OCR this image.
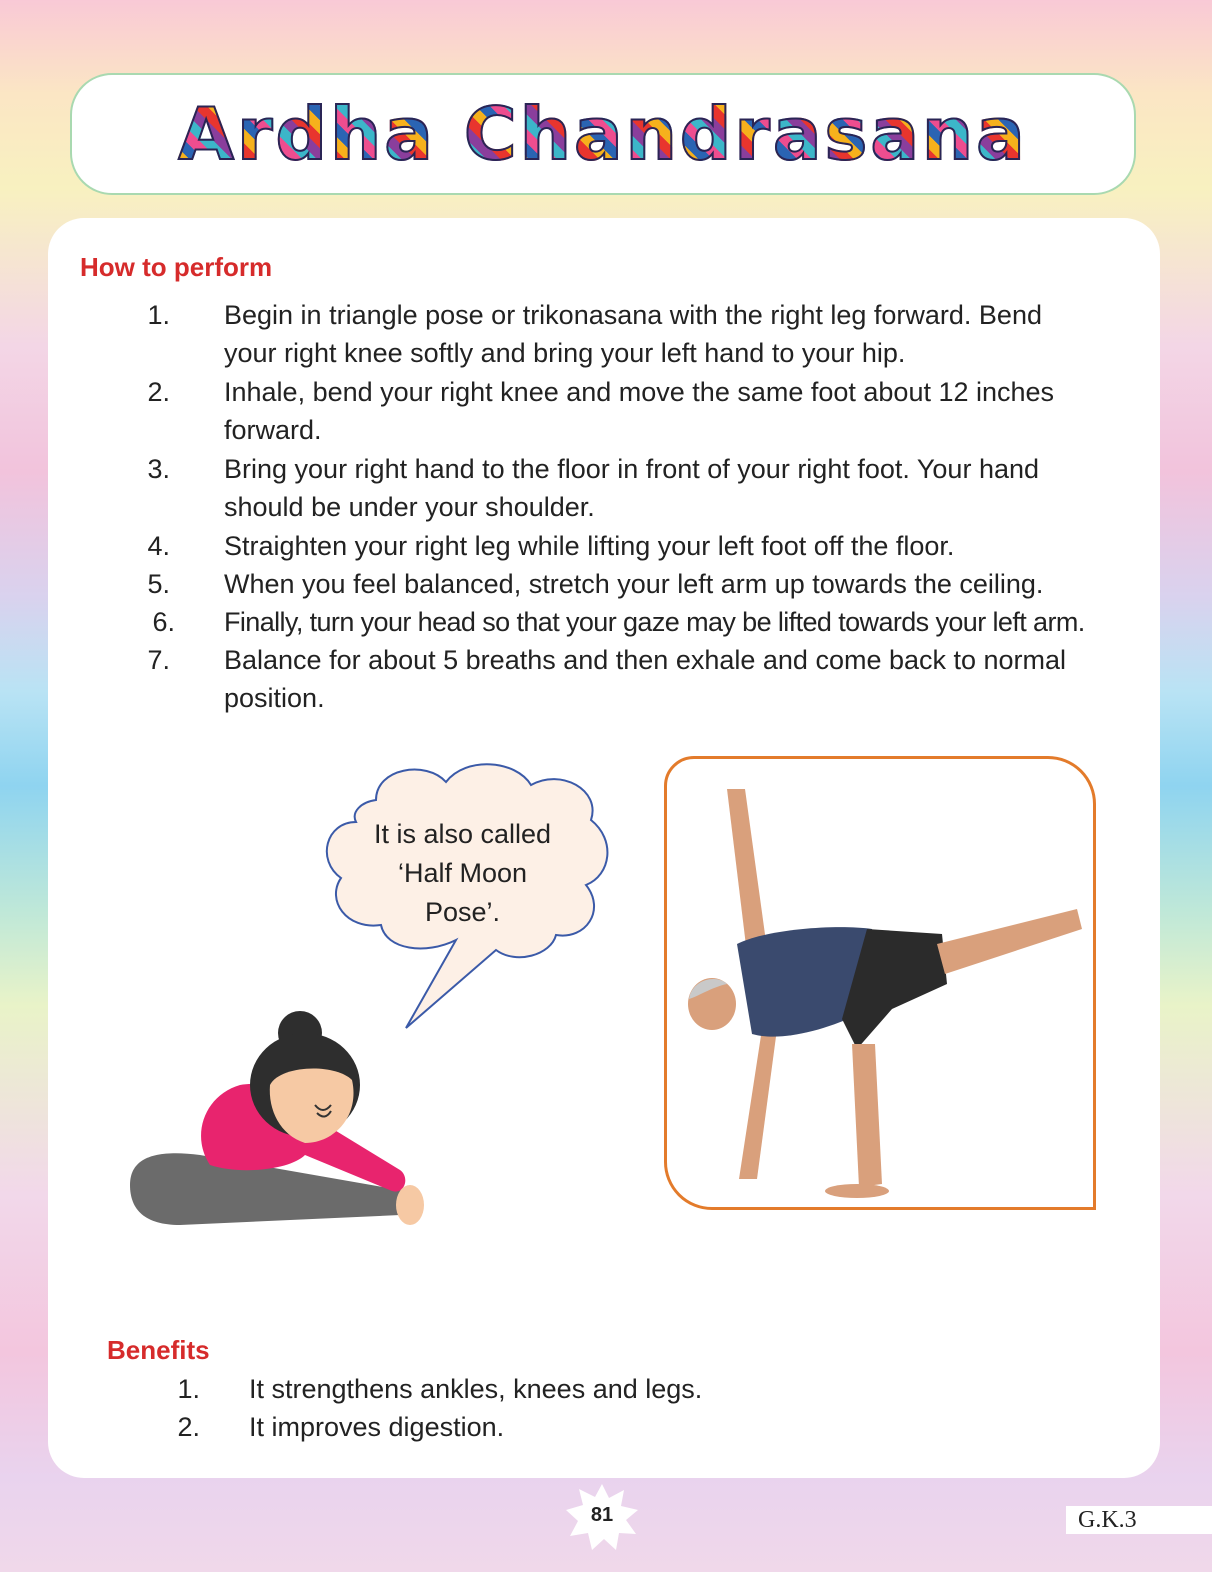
Ardha Chandrasana
How to perform
1. Begin in triangle pose or trikonasana with the right leg forward. Bend
your right knee softly and bring your left hand to your hip.
2. Inhale, bend your right knee and move the same foot about 12 inches
forward.
3. Bring your right hand to the floor in front of your right foot. Your hand
should be under your shoulder.
4. Straighten your right leg while lifting your left foot off the floor.
5. When you feel balanced, stretch your left arm up towards the ceiling.
6. Finally, turn your head so that your gaze may be lifted towards your left arm.
7. Balance for about 5 breaths and then exhale and come back to normal
position.
It is also called
‘Half Moon
Pose’.
Benefits
1. It strengthens ankles, knees and legs.
2. It improves digestion.
81	G.K.3
